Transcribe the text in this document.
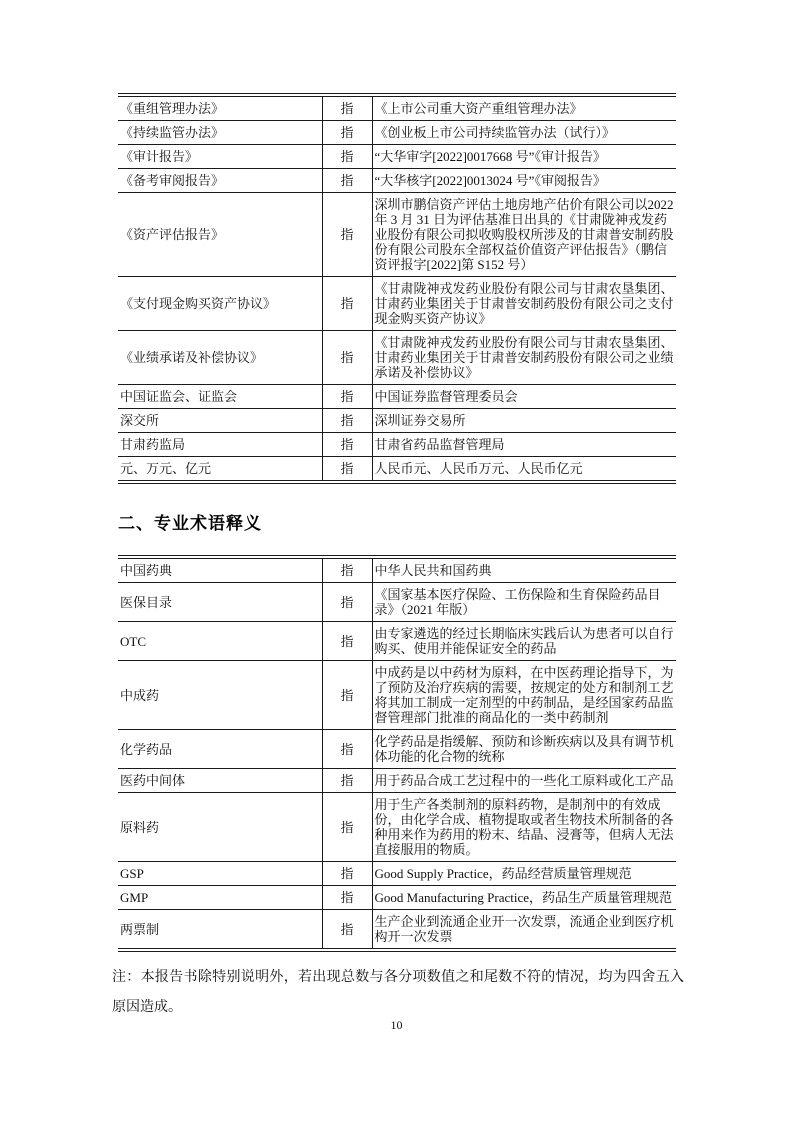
《重组管理办法》	指	《上市公司重大资产重组管理办法》
《持续监管办法》	指	《创业板上市公司持续监管办法（试行）》
《审计报告》	指	“大华审字[2022]0017668 号”《审计报告》
《备考审阅报告》	指	“大华核字[2022]0013024 号”《审阅报告》
《资产评估报告》	指	深圳市鹏信资产评估土地房地产估价有限公司以2022 年 3 月 31 日为评估基准日出具的《甘肃陇神戎发药业股份有限公司拟收购股权所涉及的甘肃普安制药股份有限公司股东全部权益价值资产评估报告》（鹏信资评报字[2022]第 S152 号）
《支付现金购买资产协议》	指	《甘肃陇神戎发药业股份有限公司与甘肃农垦集团、甘肃药业集团关于甘肃普安制药股份有限公司之支付现金购买资产协议》
《业绩承诺及补偿协议》	指	《甘肃陇神戎发药业股份有限公司与甘肃农垦集团、甘肃药业集团关于甘肃普安制药股份有限公司之业绩承诺及补偿协议》
中国证监会、证监会	指	中国证券监督管理委员会
深交所	指	深圳证券交易所
甘肃药监局	指	甘肃省药品监督管理局
元、万元、亿元	指	人民币元、人民币万元、人民币亿元
二、专业术语释义
中国药典	指	中华人民共和国药典
医保目录	指	《国家基本医疗保险、工伤保险和生育保险药品目录》（2021 年版）
OTC	指	由专家遴选的经过长期临床实践后认为患者可以自行购买、使用并能保证安全的药品
中成药	指	中成药是以中药材为原料，在中医药理论指导下，为了预防及治疗疾病的需要，按规定的处方和制剂工艺将其加工制成一定剂型的中药制品，是经国家药品监督管理部门批准的商品化的一类中药制剂
化学药品	指	化学药品是指缓解、预防和诊断疾病以及具有调节机体功能的化合物的统称
医药中间体	指	用于药品合成工艺过程中的一些化工原料或化工产品
原料药	指	用于生产各类制剂的原料药物，是制剂中的有效成份，由化学合成、植物提取或者生物技术所制备的各种用来作为药用的粉末、结晶、浸膏等，但病人无法直接服用的物质。
GSP	指	Good Supply Practice，药品经营质量管理规范
GMP	指	Good Manufacturing Practice，药品生产质量管理规范
两票制	指	生产企业到流通企业开一次发票，流通企业到医疗机构开一次发票

注：本报告书除特别说明外，若出现总数与各分项数值之和尾数不符的情况，均为四舍五入原因造成。

10
